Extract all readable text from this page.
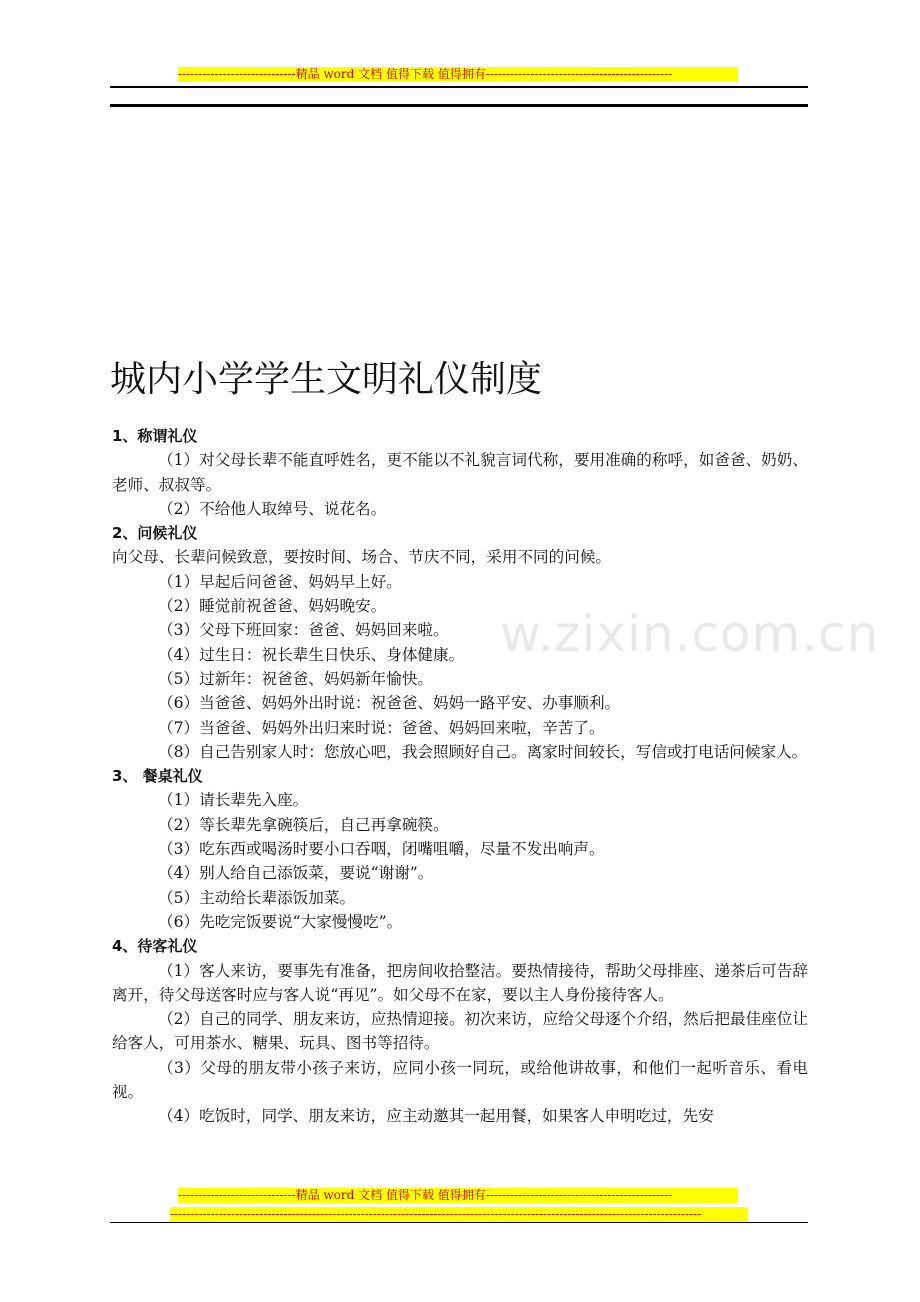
-----------------------------精品 word 文档 值得下载 值得拥有----------------------------------------------
w.zixin.com.cn
城内小学学生文明礼仪制度

1、称谓礼仪

（1）对父母长辈不能直呼姓名，更不能以不礼貌言词代称，要用准确的称呼，如爸爸、奶奶、老师、叔叔等。

（2）不给他人取绰号、说花名。

2、问候礼仪

向父母、长辈问候致意，要按时间、场合、节庆不同，采用不同的问候。

（1）早起后问爸爸、妈妈早上好。

（2）睡觉前祝爸爸、妈妈晚安。

（3）父母下班回家：爸爸、妈妈回来啦。

（4）过生日：祝长辈生日快乐、身体健康。

（5）过新年：祝爸爸、妈妈新年愉快。

（6）当爸爸、妈妈外出时说：祝爸爸、妈妈一路平安、办事顺利。

（7）当爸爸、妈妈外出归来时说：爸爸、妈妈回来啦，辛苦了。

（8）自己告别家人时：您放心吧，我会照顾好自己。离家时间较长，写信或打电话问候家人。

3、 餐桌礼仪

（1）请长辈先入座。

（2）等长辈先拿碗筷后，自己再拿碗筷。

（3）吃东西或喝汤时要小口吞咽，闭嘴咀嚼，尽量不发出响声。

（4）别人给自己添饭菜，要说“谢谢”。

（5）主动给长辈添饭加菜。

（6）先吃完饭要说“大家慢慢吃”。

4、待客礼仪

（1）客人来访，要事先有准备，把房间收拾整洁。要热情接待，帮助父母排座、递茶后可告辞离开，待父母送客时应与客人说“再见”。如父母不在家，要以主人身份接待客人。

（2）自己的同学、朋友来访，应热情迎接。初次来访，应给父母逐个介绍，然后把最佳座位让给客人，可用茶水、糖果、玩具、图书等招待。

（3）父母的朋友带小孩子来访，应同小孩一同玩，或给他讲故事，和他们一起听音乐、看电视。

（4）吃饭时，同学、朋友来访，应主动邀其一起用餐，如果客人申明吃过，先安

-----------------------------精品 word 文档 值得下载 值得拥有----------------------------------------------
-----------------------------------------------------------------------------------------------------------------------------------
